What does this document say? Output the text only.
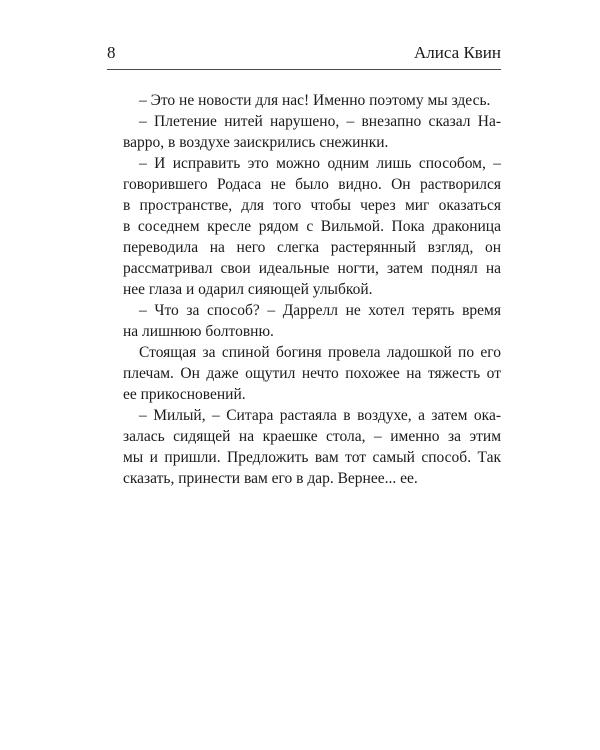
8	Алиса Квин
– Это не новости для нас! Именно поэтому мы здесь.
– Плетение нитей нарушено, – внезапно сказал На-
варро, в воздухе заискрились снежинки.
– И исправить это можно одним лишь способом, –
говорившего Родаса не было видно. Он растворился
в пространстве, для того чтобы через миг оказаться
в соседнем кресле рядом с Вильмой. Пока драконица
переводила на него слегка растерянный взгляд, он
рассматривал свои идеальные ногти, затем поднял на
нее глаза и одарил сияющей улыбкой.
– Что за способ? – Даррелл не хотел терять время
на лишнюю болтовню.
Стоящая за спиной богиня провела ладошкой по его
плечам. Он даже ощутил нечто похожее на тяжесть от
ее прикосновений.
– Милый, – Ситара растаяла в воздухе, а затем ока-
залась сидящей на краешке стола, – именно за этим
мы и пришли. Предложить вам тот самый способ. Так
сказать, принести вам его в дар. Вернее... ее.
